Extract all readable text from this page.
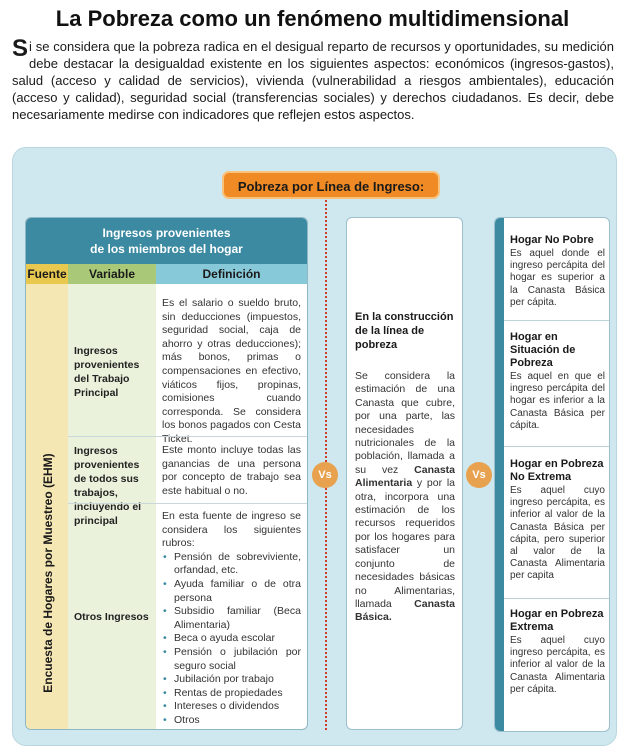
La Pobreza como un fenómeno multidimensional
Si se considera que la pobreza radica en el desigual reparto de recursos y oportunidades, su medición debe destacar la desigualdad existente en los siguientes aspectos: económicos (ingresos-gastos), salud (acceso y calidad de servicios), vivienda (vulnerabilidad a riesgos ambientales), educación (acceso y calidad), seguridad social (transferencias sociales) y derechos ciudadanos. Es decir, debe necesariamente medirse con indicadores que reflejen estos aspectos.
Pobreza por Línea de Ingreso:
Ingresos provenientes
de los miembros del hogar
Fuente	Variable	Definición
Encuesta de Hogares por Muestreo (EHM)
Ingresos provenientes del Trabajo Principal
Es el salario o sueldo bruto, sin deducciones (impuestos, seguridad social, caja de ahorro y otras deducciones); más bonos, primas o compensaciones en efectivo, viáticos fijos, propinas, comisiones cuando corresponda. Se considera los bonos pagados con Cesta Ticket.
Ingresos provenientes de todos sus trabajos, incluyendo el principal
Este monto incluye todas las ganancias de una persona por concepto de trabajo sea este habitual o no.
Otros Ingresos
En esta fuente de ingreso se considera los siguientes rubros:
• Pensión de sobreviviente, orfandad, etc.
• Ayuda familiar o de otra persona
• Subsidio familiar (Beca Alimentaria)
• Beca o ayuda escolar
• Pensión o jubilación por seguro social
• Jubilación por trabajo
• Rentas de propiedades
• Intereses o dividendos
• Otros
Vs	Vs
En la construcción de la línea de pobreza
Se considera la estimación de una Canasta que cubre, por una parte, las necesidades nutricionales de la población, llamada a su vez Canasta Alimentaria y por la otra, incorpora una estimación de los recursos requeridos por los hogares para satisfacer un conjunto de necesidades básicas no Alimentarias, llamada Canasta Básica.
Hogar No Pobre
Es aquel donde el ingreso percápita del hogar es superior a la Canasta Básica per cápita.
Hogar en Situación de Pobreza
Es aquel en que el ingreso percápita del hogar es inferior a la Canasta Básica per cápita.
Hogar en Pobreza No Extrema
Es aquel cuyo ingreso percápita, es inferior al valor de la Canasta Básica per cápita, pero superior al valor de la Canasta Alimentaria per capita
Hogar en Pobreza Extrema
Es aquel cuyo ingreso percápita, es inferior al valor de la Canasta Alimentaria per cápita.
